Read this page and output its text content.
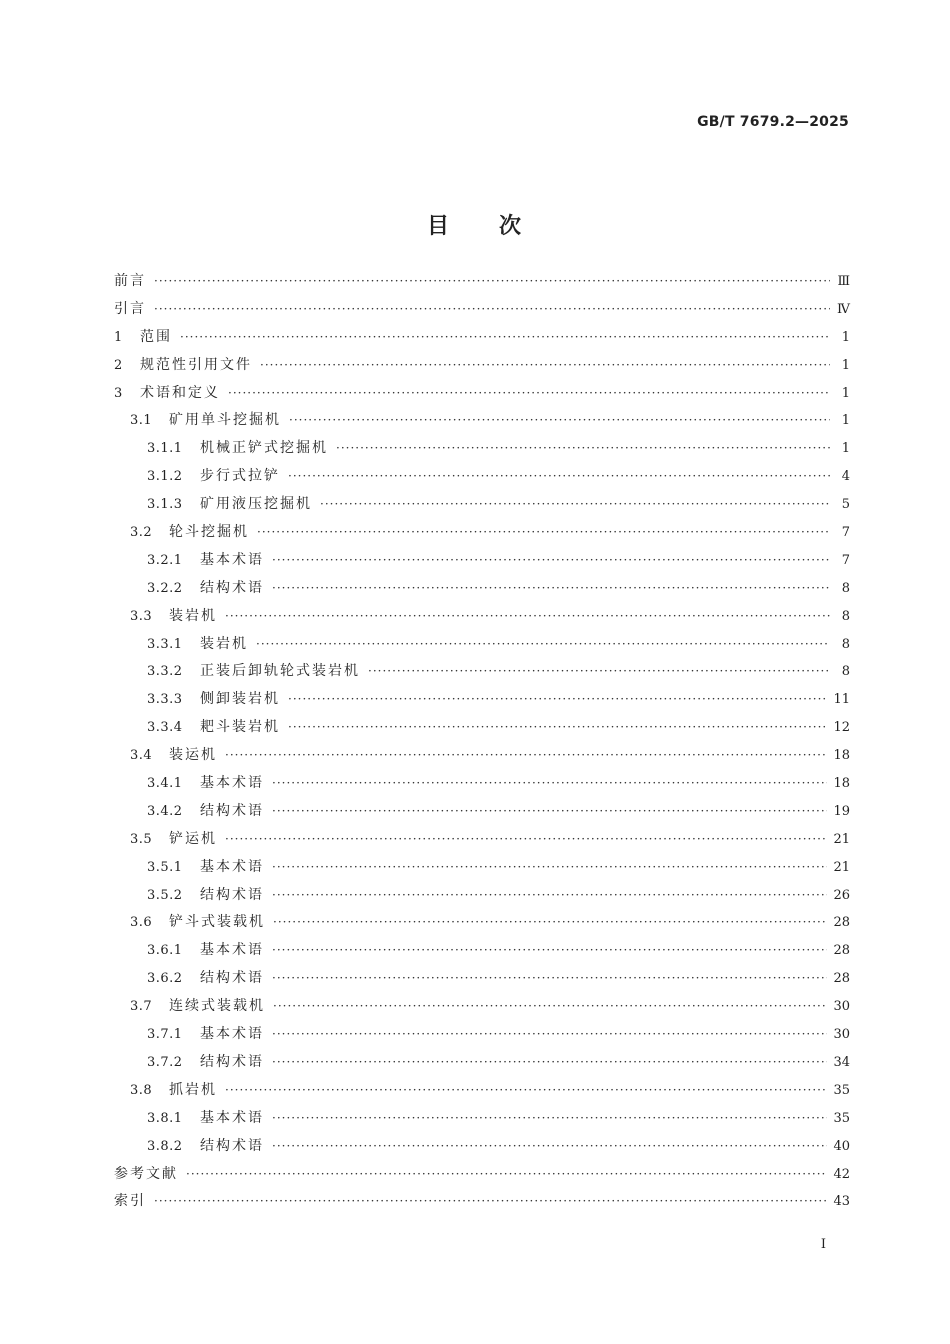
GB/T 7679.2—2025
目 次
前言 ·····	Ⅲ
引言 ·····	Ⅳ
1	范围 ·····	1
2	规范性引用文件 ·····	1
3	术语和定义 ·····	1
3.1	矿用单斗挖掘机 ·····	1
3.1.1	机械正铲式挖掘机 ·····	1
3.1.2	步行式拉铲 ·····	4
3.1.3	矿用液压挖掘机 ·····	5
3.2	轮斗挖掘机 ·····	7
3.2.1	基本术语 ·····	7
3.2.2	结构术语 ·····	8
3.3	装岩机 ·····	8
3.3.1	装岩机 ·····	8
3.3.2	正装后卸轨轮式装岩机 ·····	8
3.3.3	侧卸装岩机 ·····	11
3.3.4	耙斗装岩机 ·····	12
3.4	装运机 ·····	18
3.4.1	基本术语 ·····	18
3.4.2	结构术语 ·····	19
3.5	铲运机 ·····	21
3.5.1	基本术语 ·····	21
3.5.2	结构术语 ·····	26
3.6	铲斗式装载机 ·····	28
3.6.1	基本术语 ·····	28
3.6.2	结构术语 ·····	28
3.7	连续式装载机 ·····	30
3.7.1	基本术语 ·····	30
3.7.2	结构术语 ·····	34
3.8	抓岩机 ·····	35
3.8.1	基本术语 ·····	35
3.8.2	结构术语 ·····	40
参考文献 ·····	42
索引 ·····	43
Ⅰ
